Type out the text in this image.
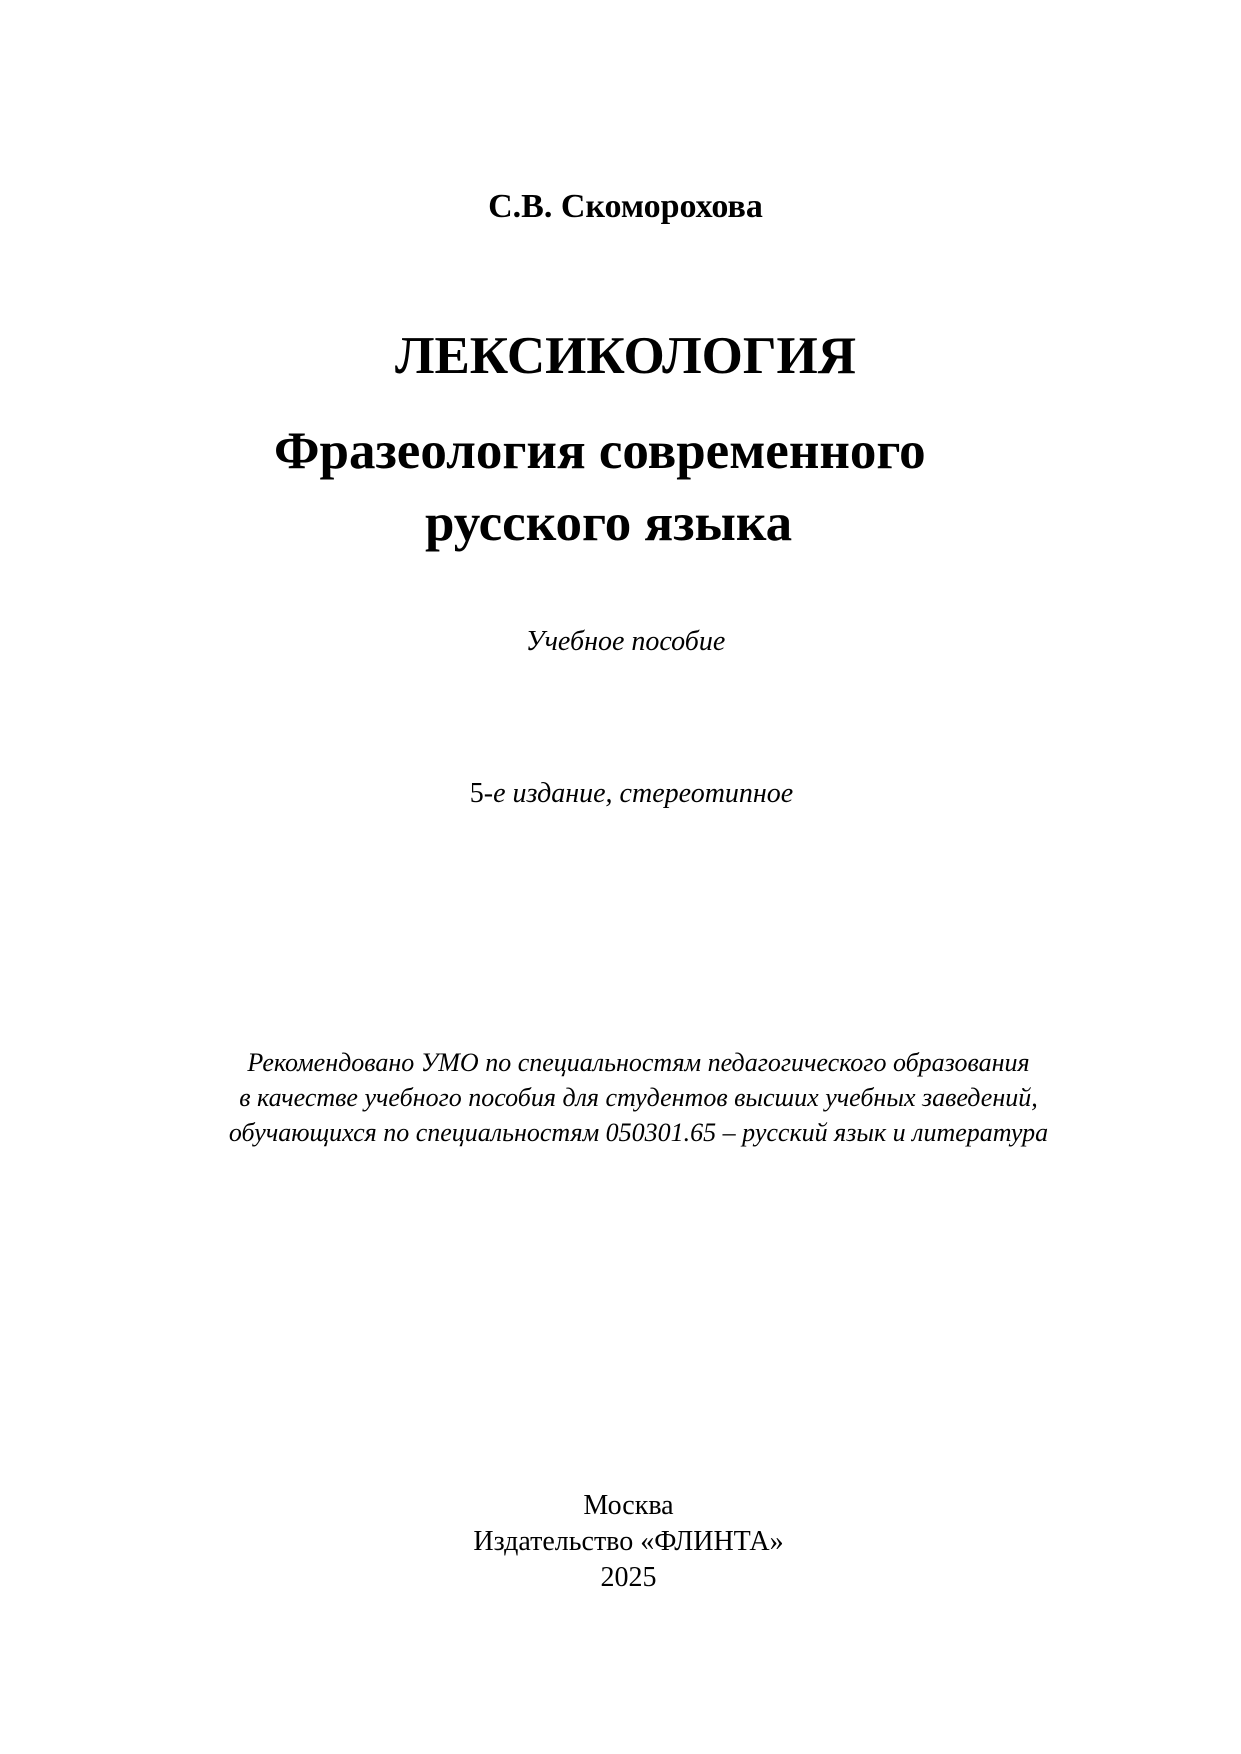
С.В. Скоморохова
ЛЕКСИКОЛОГИЯ
Фразеология современного
русского языка
Учебное пособие
5-е издание, стереотипное
Рекомендовано УМО по специальностям педагогического образования
в качестве учебного пособия для студентов высших учебных заведений,
обучающихся по специальностям 050301.65 – русский язык и литература
Москва
Издательство «ФЛИНТА»
2025
